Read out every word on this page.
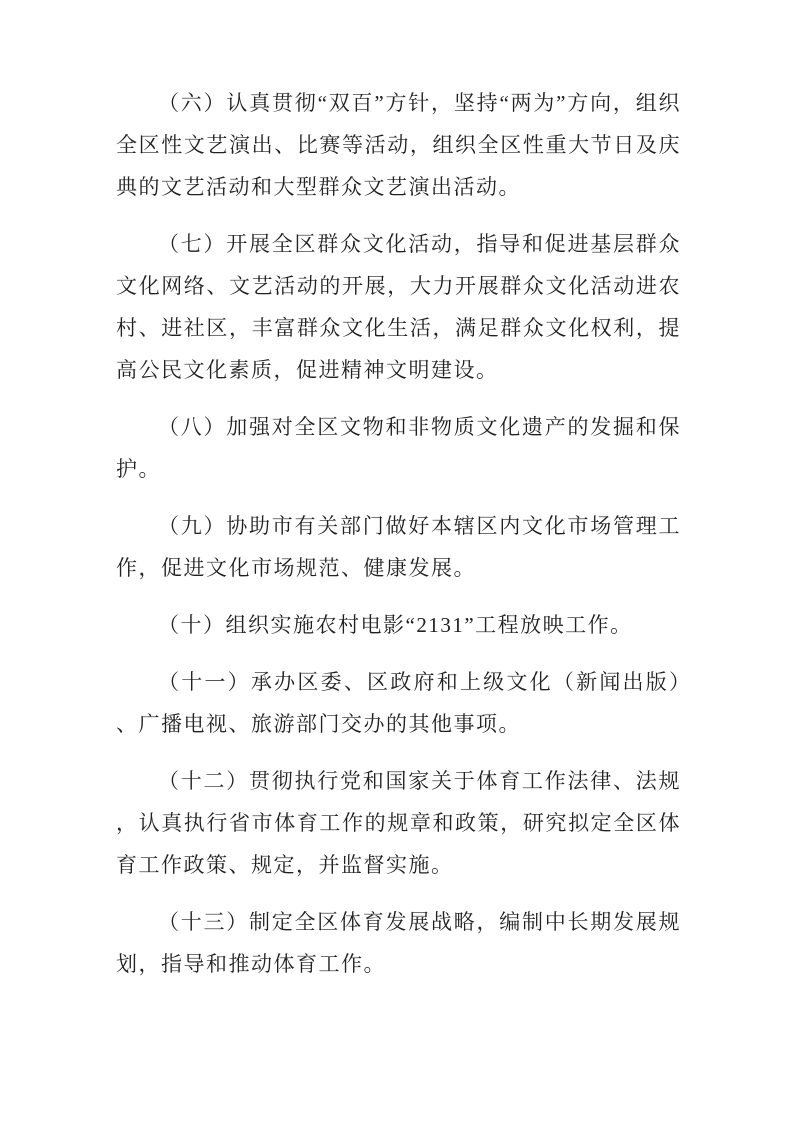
（六）认真贯彻“双百”方针，坚持“两为”方向，组织全区性文艺演出、比赛等活动，组织全区性重大节日及庆典的文艺活动和大型群众文艺演出活动。

（七）开展全区群众文化活动，指导和促进基层群众文化网络、文艺活动的开展，大力开展群众文化活动进农村、进社区，丰富群众文化生活，满足群众文化权利，提高公民文化素质，促进精神文明建设。

（八）加强对全区文物和非物质文化遗产的发掘和保护。

（九）协助市有关部门做好本辖区内文化市场管理工作，促进文化市场规范、健康发展。

（十）组织实施农村电影“2131”工程放映工作。

（十一）承办区委、区政府和上级文化（新闻出版）、广播电视、旅游部门交办的其他事项。

（十二）贯彻执行党和国家关于体育工作法律、法规，认真执行省市体育工作的规章和政策，研究拟定全区体育工作政策、规定，并监督实施。

（十三）制定全区体育发展战略，编制中长期发展规划，指导和推动体育工作。
